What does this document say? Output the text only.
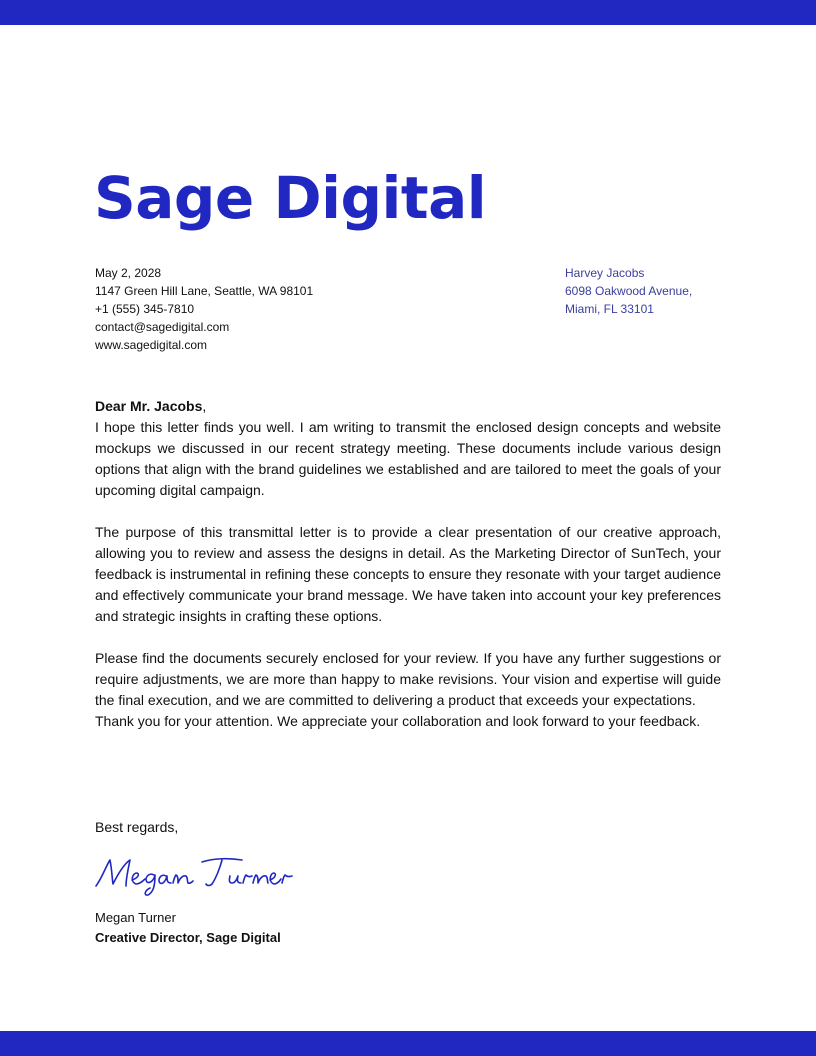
Sage Digital
May 2, 2028
1147 Green Hill Lane, Seattle, WA 98101
+1 (555) 345-7810
contact@sagedigital.com
www.sagedigital.com
Harvey Jacobs
6098 Oakwood Avenue,
Miami, FL 33101

Dear Mr. Jacobs,

I hope this letter finds you well. I am writing to transmit the enclosed design concepts and website mockups we discussed in our recent strategy meeting. These documents include various design options that align with the brand guidelines we established and are tailored to meet the goals of your upcoming digital campaign.

The purpose of this transmittal letter is to provide a clear presentation of our creative approach, allowing you to review and assess the designs in detail. As the Marketing Director of SunTech, your feedback is instrumental in refining these concepts to ensure they resonate with your target audience and effectively communicate your brand message. We have taken into account your key preferences and strategic insights in crafting these options.

Please find the documents securely enclosed for your review. If you have any further suggestions or require adjustments, we are more than happy to make revisions. Your vision and expertise will guide the final execution, and we are committed to delivering a product that exceeds your expectations.

Thank you for your attention. We appreciate your collaboration and look forward to your feedback.

Best regards,
Megan Turner
Creative Director, Sage Digital
